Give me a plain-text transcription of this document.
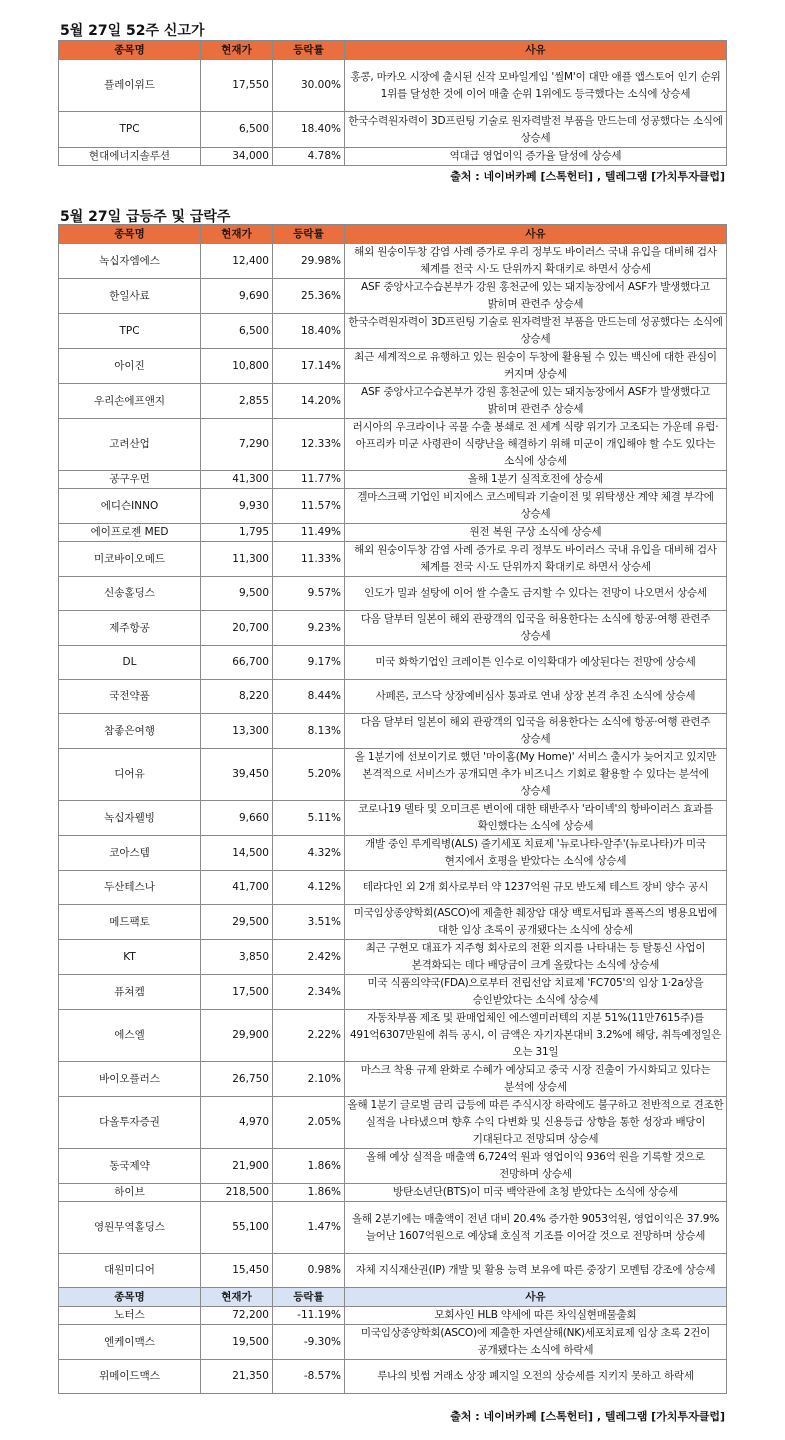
5월 27일 52주 신고가
종목명	현재가	등락률	사유
플레이위드	17,550	30.00%	홍콩, 마카오 시장에 출시된 신작 모바일게임 '씰M'이 대만 애플 앱스토어 인기 순위 1위를 달성한 것에 이어 매출 순위 1위에도 등극했다는 소식에 상승세
TPC	6,500	18.40%	한국수력원자력이 3D프린팅 기술로 원자력발전 부품을 만드는데 성공했다는 소식에 상승세
현대에너지솔루션	34,000	4.78%	역대급 영업이익 증가율 달성에 상승세
출처 : 네이버카페 [스톡헌터] , 텔레그램 [가치투자클럽]
5월 27일 급등주 및 급락주
종목명	현재가	등락률	사유
녹십자엠에스	12,400	29.98%	해외 원숭이두창 감염 사례 증가로 우리 정부도 바이러스 국내 유입을 대비해 검사 체계를 전국 시·도 단위까지 확대키로 하면서 상승세
한일사료	9,690	25.36%	ASF 중앙사고수습본부가 강원 홍천군에 있는 돼지농장에서 ASF가 발생했다고 밝히며 관련주 상승세
TPC	6,500	18.40%	한국수력원자력이 3D프린팅 기술로 원자력발전 부품을 만드는데 성공했다는 소식에 상승세
아이진	10,800	17.14%	최근 세계적으로 유행하고 있는 원숭이 두창에 활용될 수 있는 백신에 대한 관심이 커지며 상승세
우리손에프앤지	2,855	14.20%	ASF 중앙사고수습본부가 강원 홍천군에 있는 돼지농장에서 ASF가 발생했다고 밝히며 관련주 상승세
고려산업	7,290	12.33%	러시아의 우크라이나 곡물 수출 봉쇄로 전 세계 식량 위기가 고조되는 가운데 유럽·아프리카 미군 사령관이 식량난을 해결하기 위해 미군이 개입해야 할 수도 있다는 소식에 상승세
공구우먼	41,300	11.77%	올해 1분기 실적호전에 상승세
에디슨INNO	9,930	11.57%	겔마스크팩 기업인 비지에스 코스메틱과 기술이전 및 위탁생산 계약 체결 부각에 상승세
에이프로젠 MED	1,795	11.49%	원전 복원 구상 소식에 상승세
미코바이오메드	11,300	11.33%	해외 원숭이두창 감염 사례 증가로 우리 정부도 바이러스 국내 유입을 대비해 검사 체계를 전국 시·도 단위까지 확대키로 하면서 상승세
신송홀딩스	9,500	9.57%	인도가 밀과 설탕에 이어 쌀 수출도 금지할 수 있다는 전망이 나오면서 상승세
제주항공	20,700	9.23%	다음 달부터 일본이 해외 관광객의 입국을 허용한다는 소식에 항공·여행 관련주 상승세
DL	66,700	9.17%	미국 화학기업인 크레이튼 인수로 이익확대가 예상된다는 전망에 상승세
국전약품	8,220	8.44%	사페론, 코스닥 상장예비심사 통과로 연내 상장 본격 추진 소식에 상승세
참좋은여행	13,300	8.13%	다음 달부터 일본이 해외 관광객의 입국을 허용한다는 소식에 항공·여행 관련주 상승세
디어유	39,450	5.20%	올 1분기에 선보이기로 했던 '마이홈(My Home)' 서비스 출시가 늦어지고 있지만 본격적으로 서비스가 공개되면 추가 비즈니스 기회로 활용할 수 있다는 분석에 상승세
녹십자웰빙	9,660	5.11%	코로나19 델타 및 오미크론 변이에 대한 태반주사 '라이넥'의 항바이러스 효과를 확인했다는 소식에 상승세
코아스템	14,500	4.32%	개발 중인 루게릭병(ALS) 줄기세포 치료제 '뉴로나타-알주'(뉴로나타)가 미국 현지에서 호평을 받았다는 소식에 상승세
두산테스나	41,700	4.12%	테라다인 외 2개 회사로부터 약 1237억원 규모 반도체 테스트 장비 양수 공시
메드팩토	29,500	3.51%	미국임상종양학회(ASCO)에 제출한 췌장암 대상 백토서팁과 폴폭스의 병용요법에 대한 임상 초록이 공개됐다는 소식에 상승세
KT	3,850	2.42%	최근 구현모 대표가 지주형 회사로의 전환 의지를 나타내는 등 탈통신 사업이 본격화되는 데다 배당금이 크게 올랐다는 소식에 상승세
퓨쳐켐	17,500	2.34%	미국 식품의약국(FDA)으로부터 전립선암 치료제 'FC705'의 임상 1·2a상을 승인받았다는 소식에 상승세
에스엘	29,900	2.22%	자동차부품 제조 및 판매업체인 에스엘미러텍의 지분 51%(11만7615주)를 491억6307만원에 취득 공시, 이 금액은 자기자본대비 3.2%에 해당, 취득예정일은 오는 31일
바이오플러스	26,750	2.10%	마스크 착용 규제 완화로 수혜가 예상되고 중국 시장 진출이 가시화되고 있다는 분석에 상승세
다올투자증권	4,970	2.05%	올해 1분기 글로벌 금리 급등에 따른 주식시장 하락에도 불구하고 전반적으로 견조한 실적을 나타냈으며 향후 수익 다변화 및 신용등급 상향을 통한 성장과 배당이 기대된다고 전망되며 상승세
동국제약	21,900	1.86%	올해 예상 실적을 매출액 6,724억 원과 영업이익 936억 원을 기록할 것으로 전망하며 상승세
하이브	218,500	1.86%	방탄소년단(BTS)이 미국 백악관에 초청 받았다는 소식에 상승세
영원무역홀딩스	55,100	1.47%	올해 2분기에는 매출액이 전년 대비 20.4% 증가한 9053억원, 영업이익은 37.9% 늘어난 1607억원으로 예상돼 호실적 기조를 이어갈 것으로 전망하며 상승세
대원미디어	15,450	0.98%	자체 지식재산권(IP) 개발 및 활용 능력 보유에 따른 중장기 모멘텀 강조에 상승세
종목명	현재가	등락률	사유
노터스	72,200	-11.19%	모회사인 HLB 약세에 따른 차익실현매물출회
엔케이맥스	19,500	-9.30%	미국임상종양학회(ASCO)에 제출한 자연살해(NK)세포치료제 임상 초록 2건이 공개됐다는 소식에 하락세
위메이드맥스	21,350	-8.57%	루나의 빗썸 거래소 상장 폐지일 오전의 상승세를 지키지 못하고 하락세
출처 : 네이버카페 [스톡헌터] , 텔레그램 [가치투자클럽]
